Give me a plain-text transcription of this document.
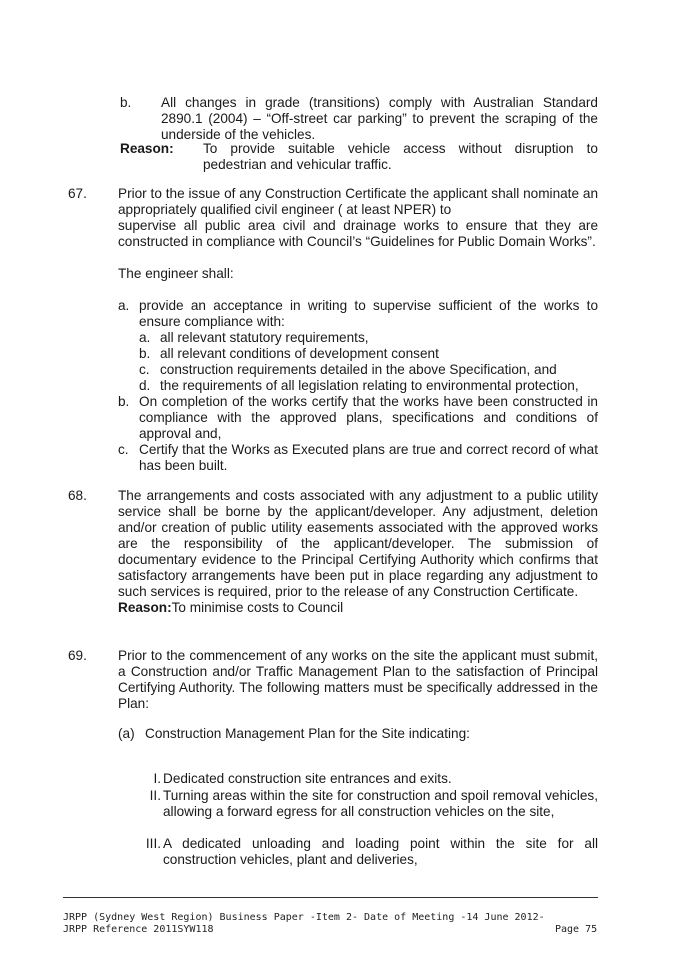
b. All changes in grade (transitions) comply with Australian Standard 2890.1 (2004) – “Off-street car parking” to prevent the scraping of the underside of the vehicles.
Reason: To provide suitable vehicle access without disruption to pedestrian and vehicular traffic.
67. Prior to the issue of any Construction Certificate the applicant shall nominate an appropriately qualified civil engineer ( at least NPER) to
supervise all public area civil and drainage works to ensure that they are constructed in compliance with Council’s “Guidelines for Public Domain Works”.
The engineer shall:
a. provide an acceptance in writing to supervise sufficient of the works to ensure compliance with:
a. all relevant statutory requirements,
b. all relevant conditions of development consent
c. construction requirements detailed in the above Specification, and
d. the requirements of all legislation relating to environmental protection,
b. On completion of the works certify that the works have been constructed in compliance with the approved plans, specifications and conditions of approval and,
c. Certify that the Works as Executed plans are true and correct record of what has been built.
68. The arrangements and costs associated with any adjustment to a public utility service shall be borne by the applicant/developer. Any adjustment, deletion and/or creation of public utility easements associated with the approved works are the responsibility of the applicant/developer. The submission of documentary evidence to the Principal Certifying Authority which confirms that satisfactory arrangements have been put in place regarding any adjustment to such services is required, prior to the release of any Construction Certificate.
Reason:To minimise costs to Council
69. Prior to the commencement of any works on the site the applicant must submit, a Construction and/or Traffic Management Plan to the satisfaction of Principal Certifying Authority. The following matters must be specifically addressed in the Plan:
(a) Construction Management Plan for the Site indicating:
I. Dedicated construction site entrances and exits.
II. Turning areas within the site for construction and spoil removal vehicles, allowing a forward egress for all construction vehicles on the site,
III. A dedicated unloading and loading point within the site for all construction vehicles, plant and deliveries,
JRPP (Sydney West Region) Business Paper -Item 2- Date of Meeting -14 June 2012-
JRPP Reference 2011SYW118	Page 75
